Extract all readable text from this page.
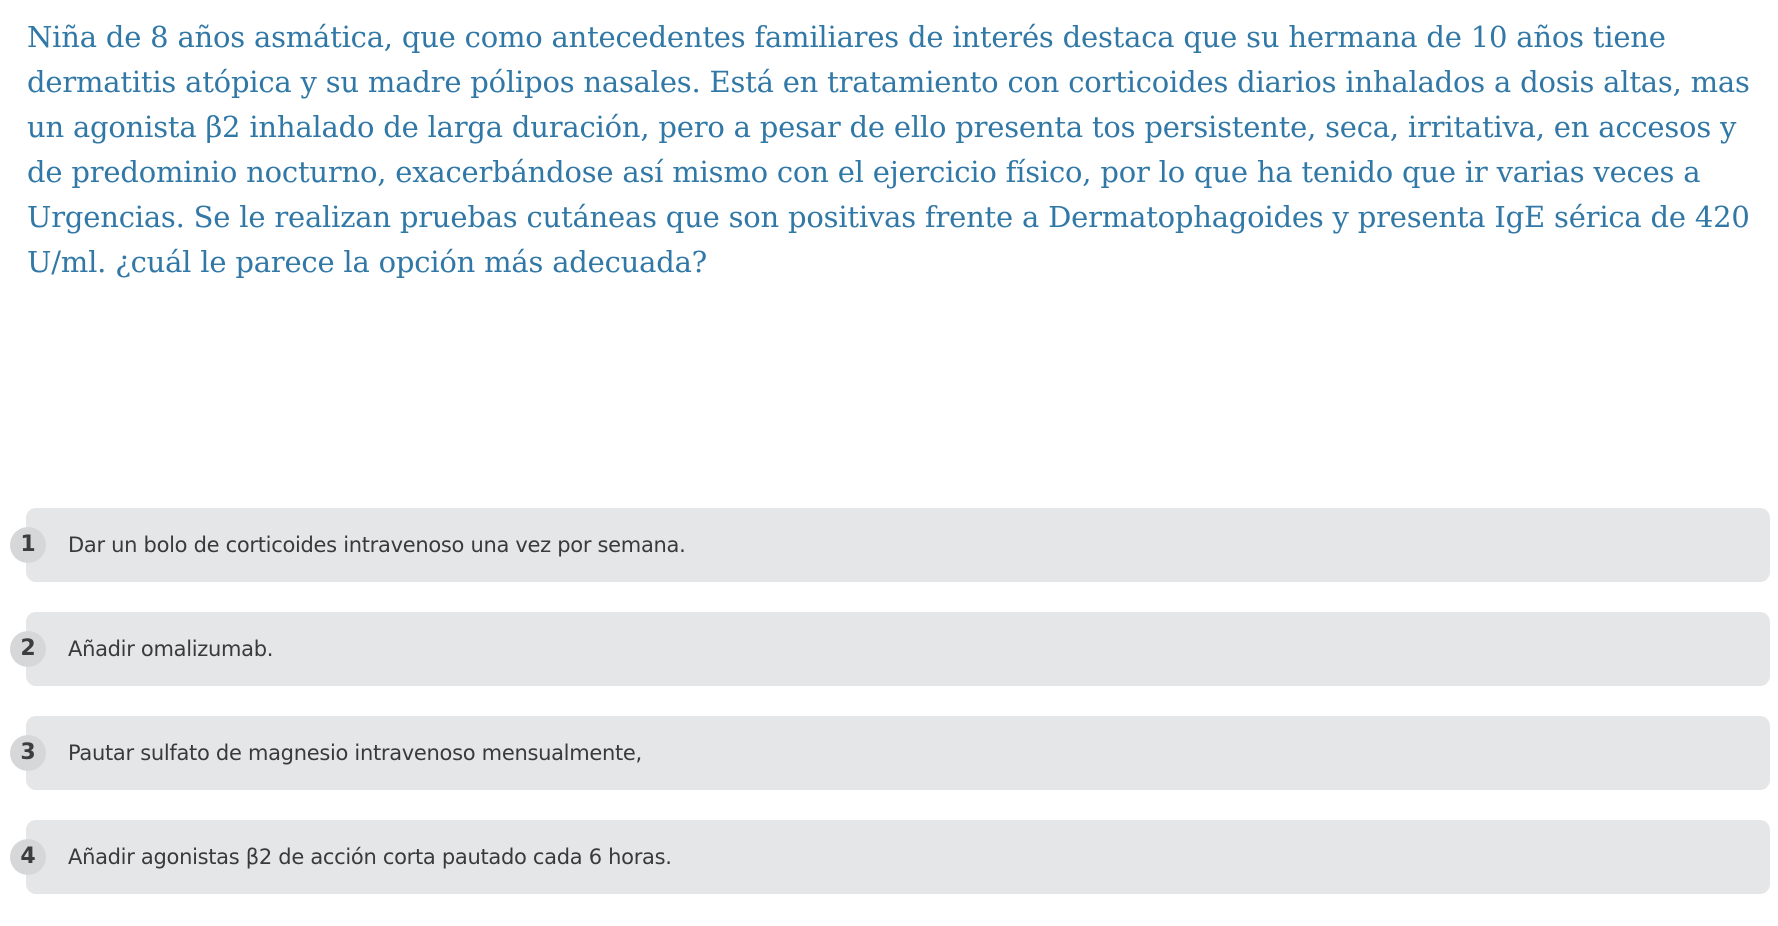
Niña de 8 años asmática, que como antecedentes familiares de interés destaca que su hermana de 10 años tiene dermatitis atópica y su madre pólipos nasales. Está en tratamiento con corticoides diarios inhalados a dosis altas, mas un agonista β2 inhalado de larga duración, pero a pesar de ello presenta tos persistente, seca, irritativa, en accesos y de predominio nocturno, exacerbándose así mismo con el ejercicio físico, por lo que ha tenido que ir varias veces a Urgencias. Se le realizan pruebas cutáneas que son positivas frente a Dermatophagoides y presenta IgE sérica de 420 U/ml. ¿cuál le parece la opción más adecuada?

1	Dar un bolo de corticoides intravenoso una vez por semana.
2	Añadir omalizumab.
3	Pautar sulfato de magnesio intravenoso mensualmente,
4	Añadir agonistas β2 de acción corta pautado cada 6 horas.
